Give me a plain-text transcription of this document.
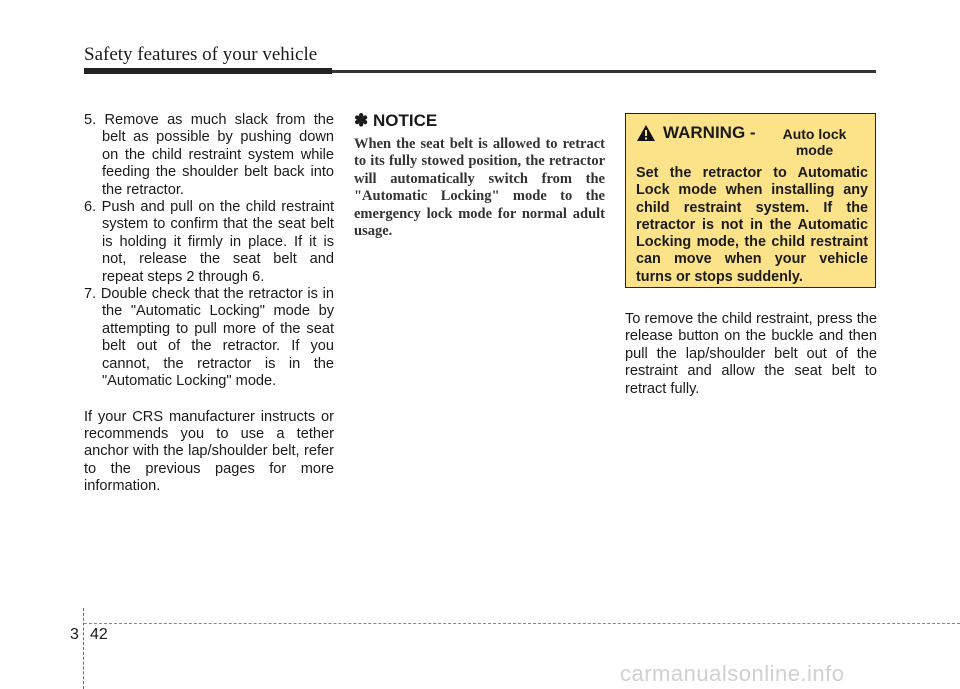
Safety features of your vehicle
5. Remove as much slack from the belt as possible by pushing down on the child restraint system while feeding the shoulder belt back into the retractor.
6. Push and pull on the child restraint system to confirm that the seat belt is holding it firmly in place. If it is not, release the seat belt and repeat steps 2 through 6.
7. Double check that the retractor is in the "Automatic Locking" mode by attempting to pull more of the seat belt out of the retractor. If you cannot, the retractor is in the "Automatic Locking" mode.
If your CRS manufacturer instructs or recommends you to use a tether anchor with the lap/shoulder belt, refer to the previous pages for more information.
✽ NOTICE
When the seat belt is allowed to retract to its fully stowed position, the retractor will automatically switch from the "Automatic Locking" mode to the emergency lock mode for normal adult usage.
WARNING -	Auto lock mode
Set the retractor to Automatic Lock mode when installing any child restraint system. If the retractor is not in the Automatic Locking mode, the child restraint can move when your vehicle turns or stops suddenly.
To remove the child restraint, press the release button on the buckle and then pull the lap/shoulder belt out of the restraint and allow the seat belt to retract fully.
3 42
carmanualsonline.info
